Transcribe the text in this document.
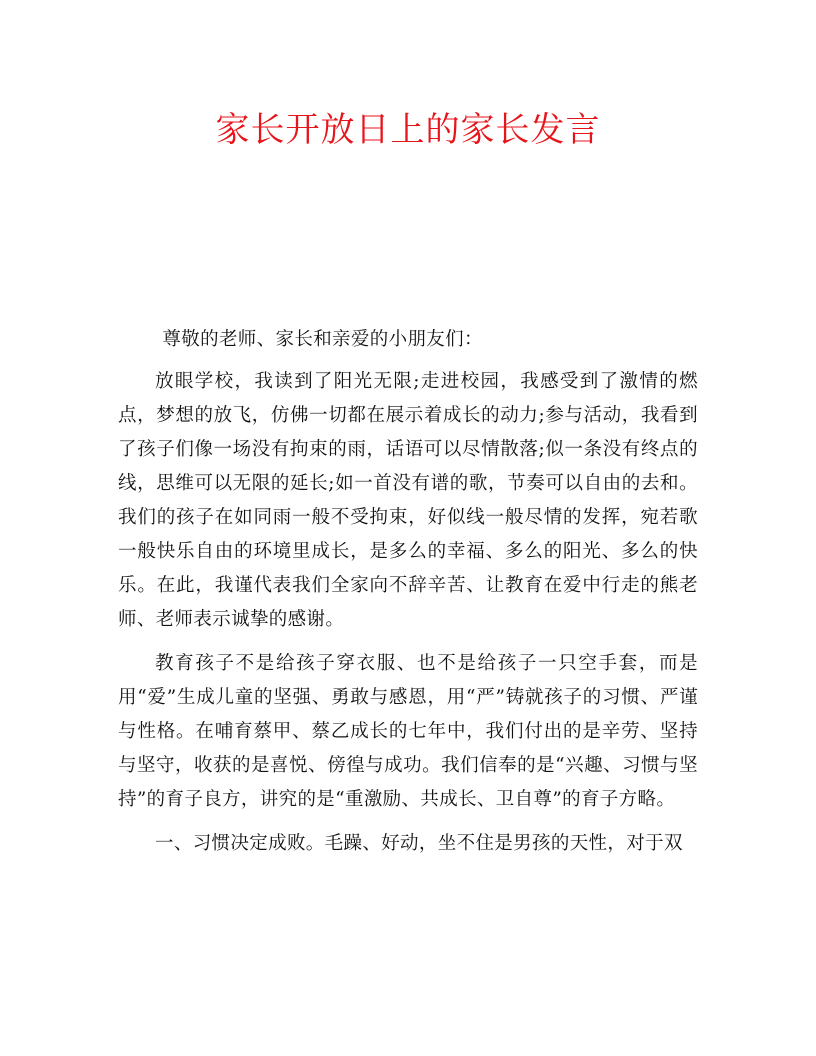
家长开放日上的家长发言

尊敬的老师、家长和亲爱的小朋友们：

放眼学校，我读到了阳光无限;走进校园，我感受到了激情的燃点，梦想的放飞，仿佛一切都在展示着成长的动力;参与活动，我看到了孩子们像一场没有拘束的雨，话语可以尽情散落;似一条没有终点的线，思维可以无限的延长;如一首没有谱的歌，节奏可以自由的去和。我们的孩子在如同雨一般不受拘束，好似线一般尽情的发挥，宛若歌一般快乐自由的环境里成长，是多么的幸福、多么的阳光、多么的快乐。在此，我谨代表我们全家向不辞辛苦、让教育在爱中行走的熊老师、老师表示诚挚的感谢。

教育孩子不是给孩子穿衣服、也不是给孩子一只空手套，而是用“爱”生成儿童的坚强、勇敢与感恩，用“严”铸就孩子的习惯、严谨与性格。在哺育蔡甲、蔡乙成长的七年中，我们付出的是辛劳、坚持与坚守，收获的是喜悦、傍徨与成功。我们信奉的是“兴趣、习惯与坚持”的育子良方，讲究的是“重激励、共成长、卫自尊”的育子方略。

一、习惯决定成败。毛躁、好动，坐不住是男孩的天性，对于双
